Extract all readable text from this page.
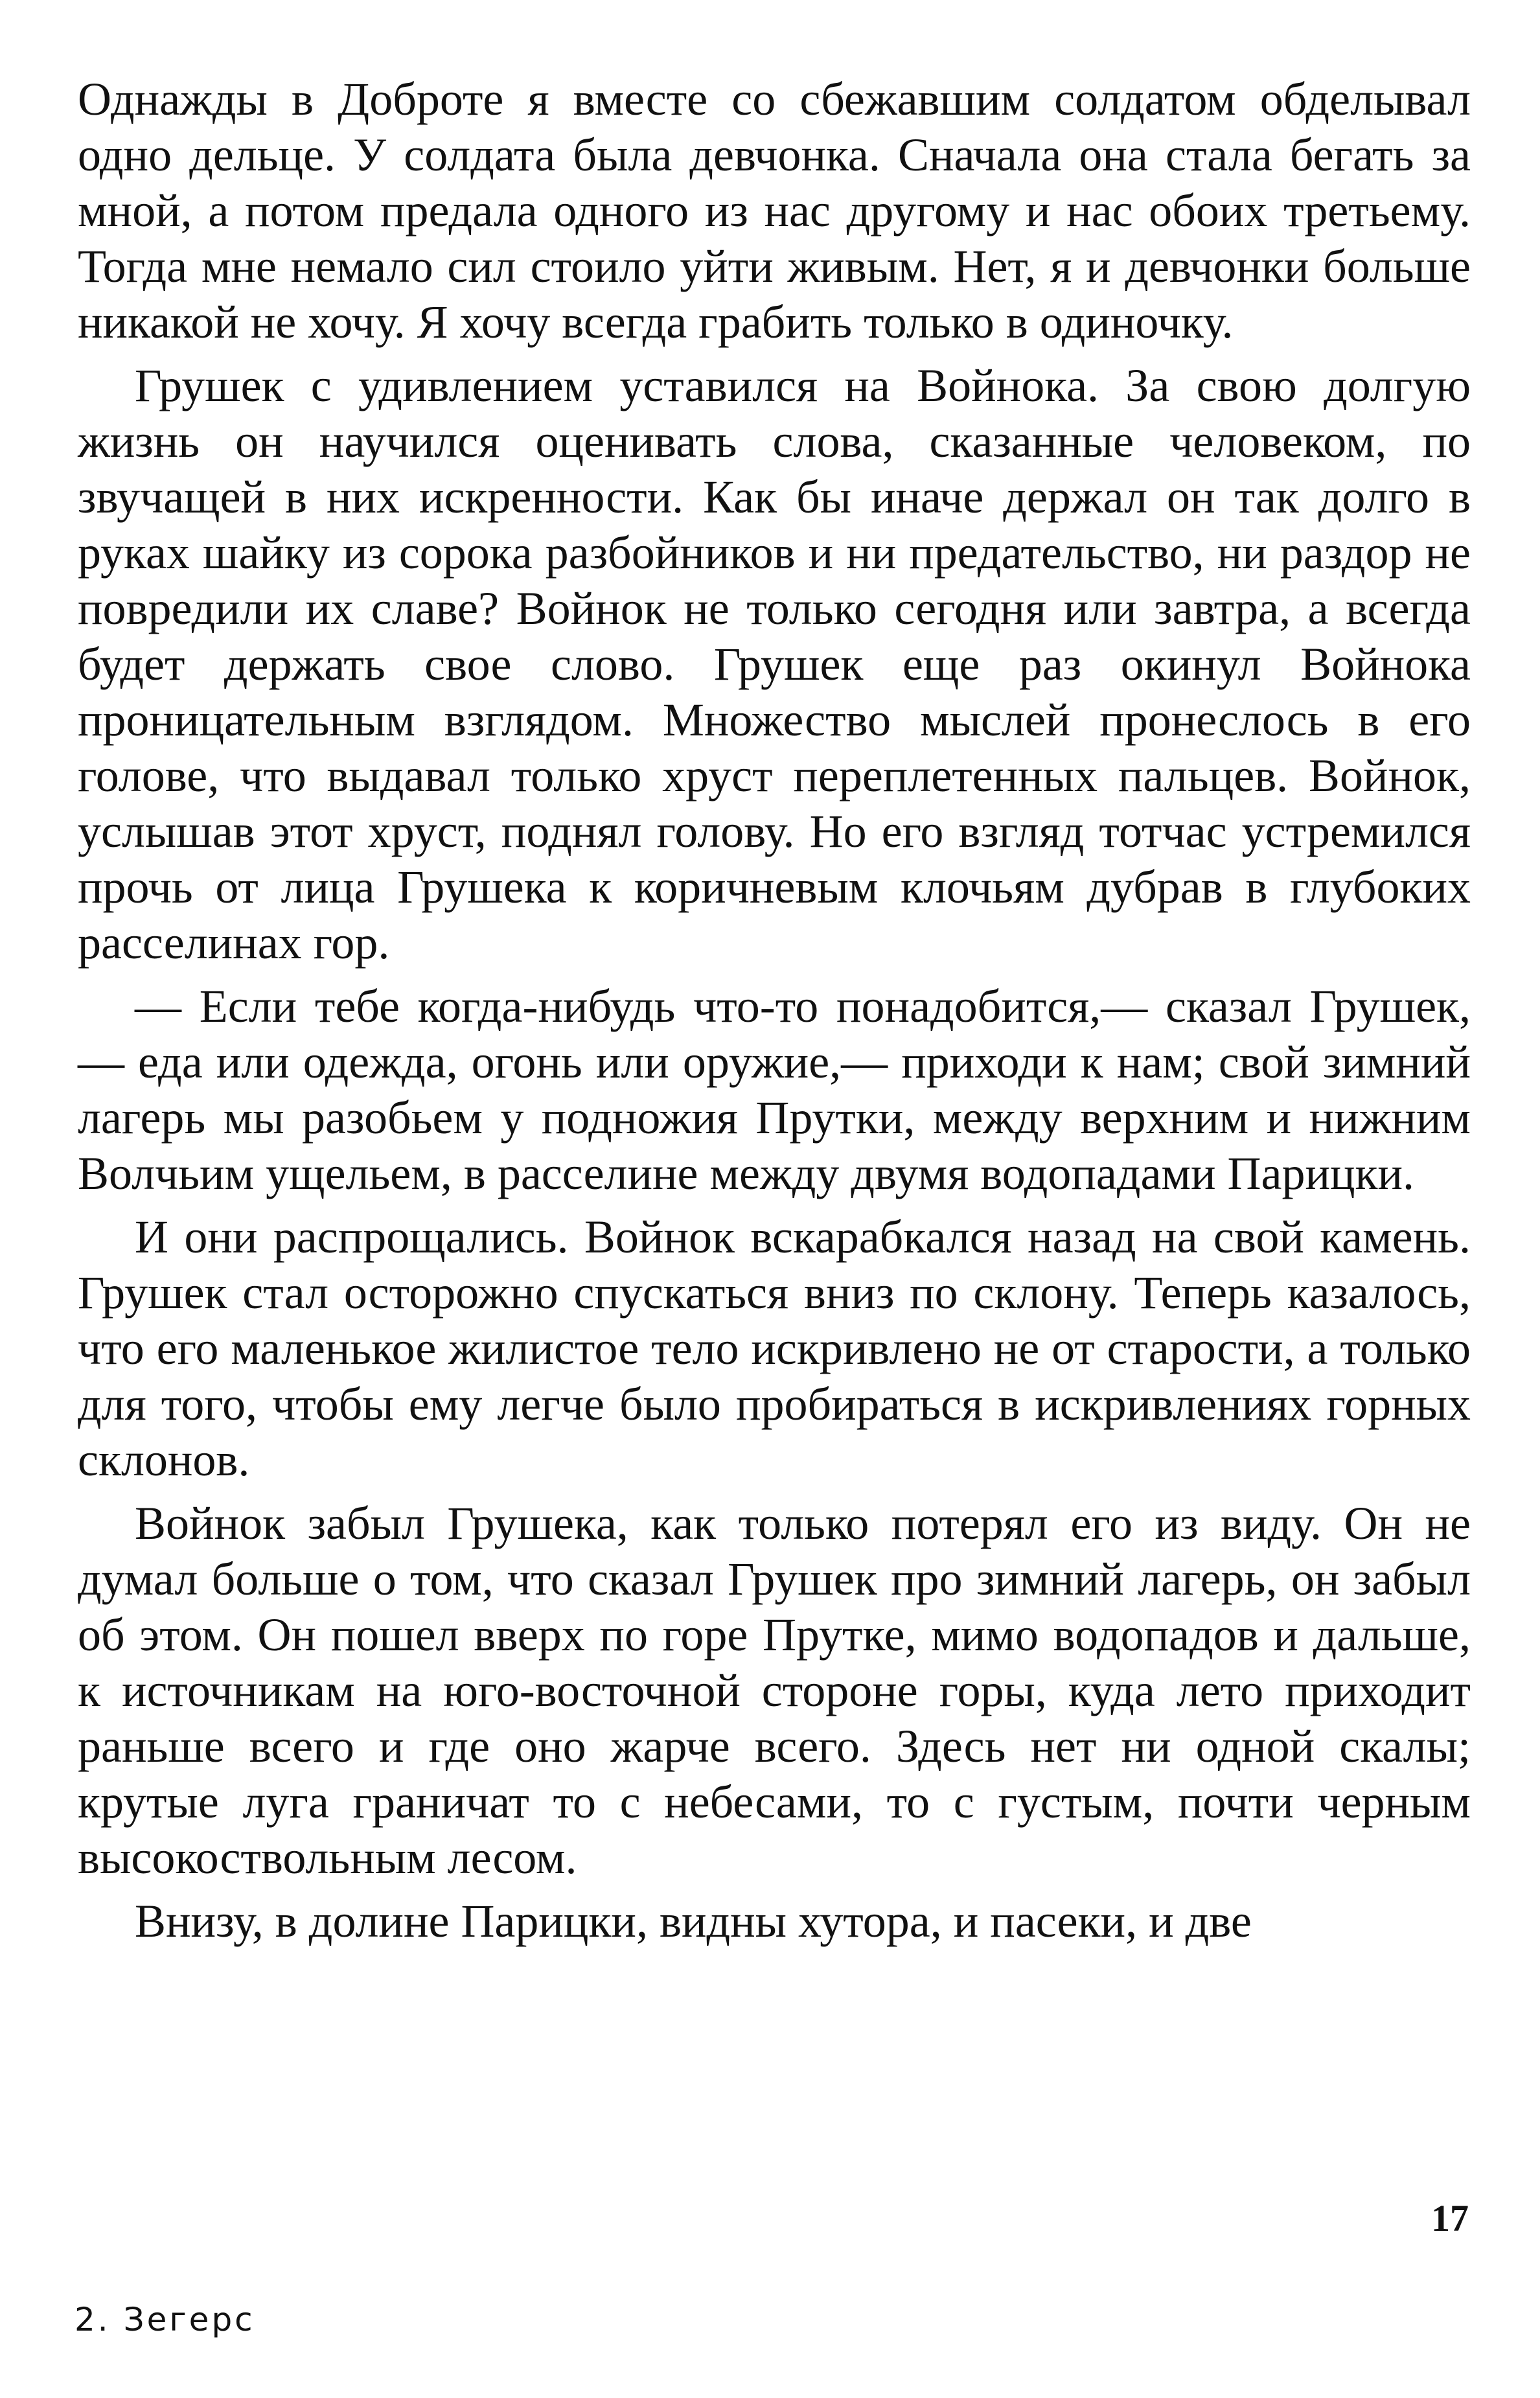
Однажды в Доброте я вместе со сбежавшим солдатом обделывал одно дельце. У солдата была девчонка. Сначала она стала бегать за мной, а потом предала одного из нас другому и нас обоих третьему. Тогда мне немало сил стоило уйти живым. Нет, я и девчонки больше никакой не хочу. Я хочу всегда грабить только в одиночку.

Грушек с удивлением уставился на Войнока. За свою долгую жизнь он научился оценивать слова, сказанные человеком, по звучащей в них искренности. Как бы иначе держал он так долго в руках шайку из сорока разбойников и ни предательство, ни раздор не повредили их славе? Войнок не только сегодня или завтра, а всегда будет держать свое слово. Грушек еще раз окинул Войнока проницательным взглядом. Множество мыслей пронеслось в его голове, что выдавал только хруст переплетенных пальцев. Войнок, услышав этот хруст, поднял голову. Но его взгляд тотчас устремился прочь от лица Грушека к коричневым клочьям дубрав в глубоких расселинах гор.

— Если тебе когда-нибудь что-то понадобится,— сказал Грушек,— еда или одежда, огонь или оружие,— приходи к нам; свой зимний лагерь мы разобьем у подножия Прутки, между верхним и нижним Волчьим ущельем, в расселине между двумя водопадами Парицки.

И они распрощались. Войнок вскарабкался назад на свой камень. Грушек стал осторожно спускаться вниз по склону. Теперь казалось, что его маленькое жилистое тело искривлено не от старости, а только для того, чтобы ему легче было пробираться в искривлениях горных склонов.

Войнок забыл Грушека, как только потерял его из виду. Он не думал больше о том, что сказал Грушек про зимний лагерь, он забыл об этом. Он пошел вверх по горе Прутке, мимо водопадов и дальше, к источникам на юго-восточной стороне горы, куда лето приходит раньше всего и где оно жарче всего. Здесь нет ни одной скалы; крутые луга граничат то с небесами, то с густым, почти черным высокоствольным лесом.

Внизу, в долине Парицки, видны хутора, и пасеки, и две

17
2. Зегерс
